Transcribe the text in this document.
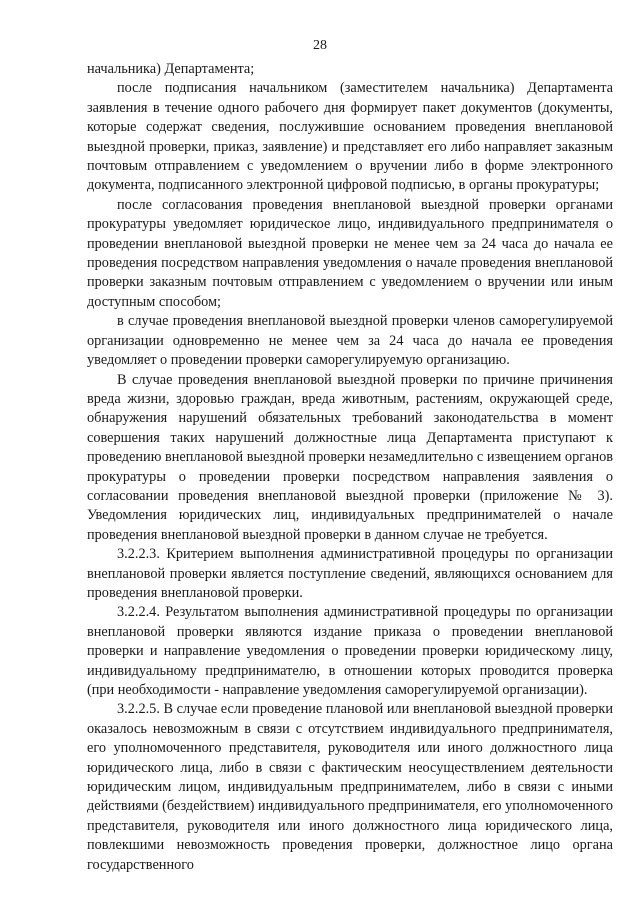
28

начальника) Департамента;

после подписания начальником (заместителем начальника) Департамента заявления в течение одного рабочего дня формирует пакет документов (документы, которые содержат сведения, послужившие основанием проведения внеплановой выездной проверки, приказ, заявление) и представляет его либо направляет заказным почтовым отправлением с уведомлением о вручении либо в форме электронного документа, подписанного электронной цифровой подписью, в органы прокуратуры;

после согласования проведения внеплановой выездной проверки органами прокуратуры уведомляет юридическое лицо, индивидуального предпринимателя о проведении внеплановой выездной проверки не менее чем за 24 часа до начала ее проведения посредством направления уведомления о начале проведения внеплановой проверки заказным почтовым отправлением с уведомлением о вручении или иным доступным способом;

в случае проведения внеплановой выездной проверки членов саморегулируемой организации одновременно не менее чем за 24 часа до начала ее проведения уведомляет о проведении проверки саморегулируемую организацию.

В случае проведения внеплановой выездной проверки по причине причинения вреда жизни, здоровью граждан, вреда животным, растениям, окружающей среде, обнаружения нарушений обязательных требований законодательства в момент совершения таких нарушений должностные лица Департамента приступают к проведению внеплановой выездной проверки незамедлительно с извещением органов прокуратуры о проведении проверки посредством направления заявления о согласовании проведения внеплановой выездной проверки (приложение № 3). Уведомления юридических лиц, индивидуальных предпринимателей о начале проведения внеплановой выездной проверки в данном случае не требуется.

3.2.2.3. Критерием выполнения административной процедуры по организации внеплановой проверки является поступление сведений, являющихся основанием для проведения внеплановой проверки.

3.2.2.4. Результатом выполнения административной процедуры по организации внеплановой проверки являются издание приказа о проведении внеплановой проверки и направление уведомления о проведении проверки юридическому лицу, индивидуальному предпринимателю, в отношении которых проводится проверка (при необходимости - направление уведомления саморегулируемой организации).

3.2.2.5. В случае если проведение плановой или внеплановой выездной проверки оказалось невозможным в связи с отсутствием индивидуального предпринимателя, его уполномоченного представителя, руководителя или иного должностного лица юридического лица, либо в связи с фактическим неосуществлением деятельности юридическим лицом, индивидуальным предпринимателем, либо в связи с иными действиями (бездействием) индивидуального предпринимателя, его уполномоченного представителя, руководителя или иного должностного лица юридического лица, повлекшими невозможность проведения проверки, должностное лицо органа государственного
